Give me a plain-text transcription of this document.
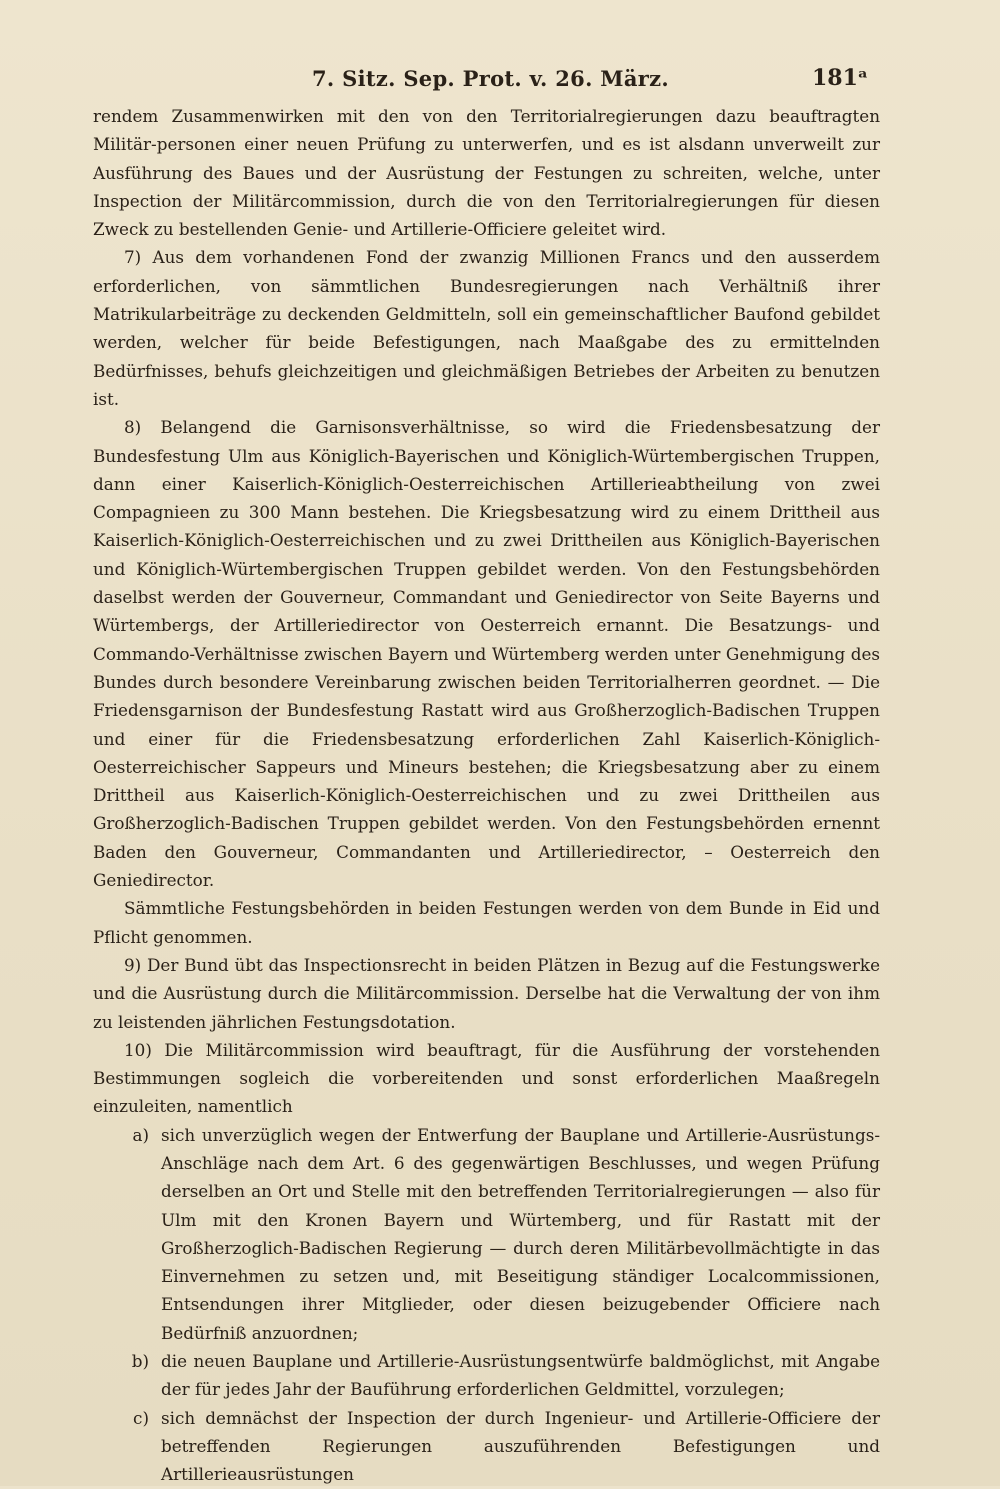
7. Sitz. Sep. Prot. v. 26. März.	181ᵃ

rendem Zusammenwirken mit den von den Territorialregierungen dazu beauftragten Militär-personen einer neuen Prüfung zu unterwerfen, und es ist alsdann unverweilt zur Ausführung des Baues und der Ausrüstung der Festungen zu schreiten, welche, unter Inspection der Militärcommission, durch die von den Territorialregierungen für diesen Zweck zu bestellenden Genie- und Artillerie-Officiere geleitet wird.

7) Aus dem vorhandenen Fond der zwanzig Millionen Francs und den ausserdem erforderlichen, von sämmtlichen Bundesregierungen nach Verhältniß ihrer Matrikularbeiträge zu deckenden Geldmitteln, soll ein gemeinschaftlicher Baufond gebildet werden, welcher für beide Befestigungen, nach Maaßgabe des zu ermittelnden Bedürfnisses, behufs gleichzeitigen und gleichmäßigen Betriebes der Arbeiten zu benutzen ist.

8) Belangend die Garnisonsverhältnisse, so wird die Friedensbesatzung der Bundesfestung Ulm aus Königlich-Bayerischen und Königlich-Würtembergischen Truppen, dann einer Kaiserlich-Königlich-Oesterreichischen Artillerieabtheilung von zwei Compagnieen zu 300 Mann bestehen. Die Kriegsbesatzung wird zu einem Drittheil aus Kaiserlich-Königlich-Oesterreichischen und zu zwei Drittheilen aus Königlich-Bayerischen und Königlich-Würtembergischen Truppen gebildet werden. Von den Festungsbehörden daselbst werden der Gouverneur, Commandant und Geniedirector von Seite Bayerns und Würtembergs, der Artilleriedirector von Oesterreich ernannt. Die Besatzungs- und Commando-Verhältnisse zwischen Bayern und Würtemberg werden unter Genehmigung des Bundes durch besondere Vereinbarung zwischen beiden Territorialherren geordnet. — Die Friedensgarnison der Bundesfestung Rastatt wird aus Großherzoglich-Badischen Truppen und einer für die Friedensbesatzung erforderlichen Zahl Kaiserlich-Königlich-Oesterreichischer Sappeurs und Mineurs bestehen; die Kriegsbesatzung aber zu einem Drittheil aus Kaiserlich-Königlich-Oesterreichischen und zu zwei Drittheilen aus Großherzoglich-Badischen Truppen gebildet werden. Von den Festungsbehörden ernennt Baden den Gouverneur, Commandanten und Artilleriedirector, – Oesterreich den Geniedirector.

Sämmtliche Festungsbehörden in beiden Festungen werden von dem Bunde in Eid und Pflicht genommen.

9) Der Bund übt das Inspectionsrecht in beiden Plätzen in Bezug auf die Festungswerke und die Ausrüstung durch die Militärcommission. Derselbe hat die Verwaltung der von ihm zu leistenden jährlichen Festungsdotation.

10) Die Militärcommission wird beauftragt, für die Ausführung der vorstehenden Bestimmungen sogleich die vorbereitenden und sonst erforderlichen Maaßregeln einzuleiten, namentlich

a) sich unverzüglich wegen der Entwerfung der Bauplane und Artillerie-Ausrüstungs-Anschläge nach dem Art. 6 des gegenwärtigen Beschlusses, und wegen Prüfung derselben an Ort und Stelle mit den betreffenden Territorialregierungen — also für Ulm mit den Kronen Bayern und Würtemberg, und für Rastatt mit der Großherzoglich-Badischen Regierung — durch deren Militärbevollmächtigte in das Einvernehmen zu setzen und, mit Beseitigung ständiger Localcommissionen, Entsendungen ihrer Mitglieder, oder diesen beizugebender Officiere nach Bedürfniß anzuordnen;
b) die neuen Bauplane und Artillerie-Ausrüstungsentwürfe baldmöglichst, mit Angabe der für jedes Jahr der Bauführung erforderlichen Geldmittel, vorzulegen;
c) sich demnächst der Inspection der durch Ingenieur- und Artillerie-Officiere der betreffenden Regierungen auszuführenden Befestigungen und Artillerieausrüstungen
